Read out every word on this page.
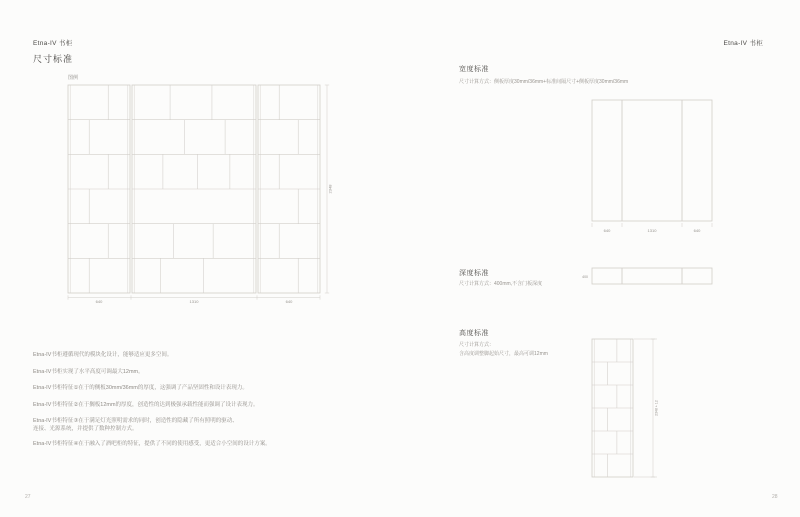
Etna-IV 书柜
尺寸标准
图例
640	1310	640
2348
Etna-IV书柜遵循现代的模块化设计，能够适应更多空间。
Etna-IV书柜实现了水平高度可调最大12mm。
Etna-IV书柜特征①在于的侧板30mm/36mm的厚度，这强调了产品坚固性和设计表现力。
Etna-IV书柜特征②在于搁板12mm的厚度，创造性的达到极强承载性能而强调了设计表现力。
Etna-IV书柜特征③在于满足灯光照明需求的同时，创造性的隐藏了所有照明的驱动、
连接、光源系统，并提供了数种控制方式。
Etna-IV书柜特征④在于融入了酒吧柜的特征，提供了不同的使用感受，更适合小空间的设计方案。
27
Etna-IV 书柜
宽度标准
尺寸计算方式：侧板厚度30mm/36mm+标准间隔尺寸+侧板厚度30mm/36mm
640	1310	640
深度标准
尺寸计算方式：400mm,不含门板深度
400
高度标准
尺寸计算方式：
含高度调整脚起始尺寸，最高可调12mm
2348 + 12
28
